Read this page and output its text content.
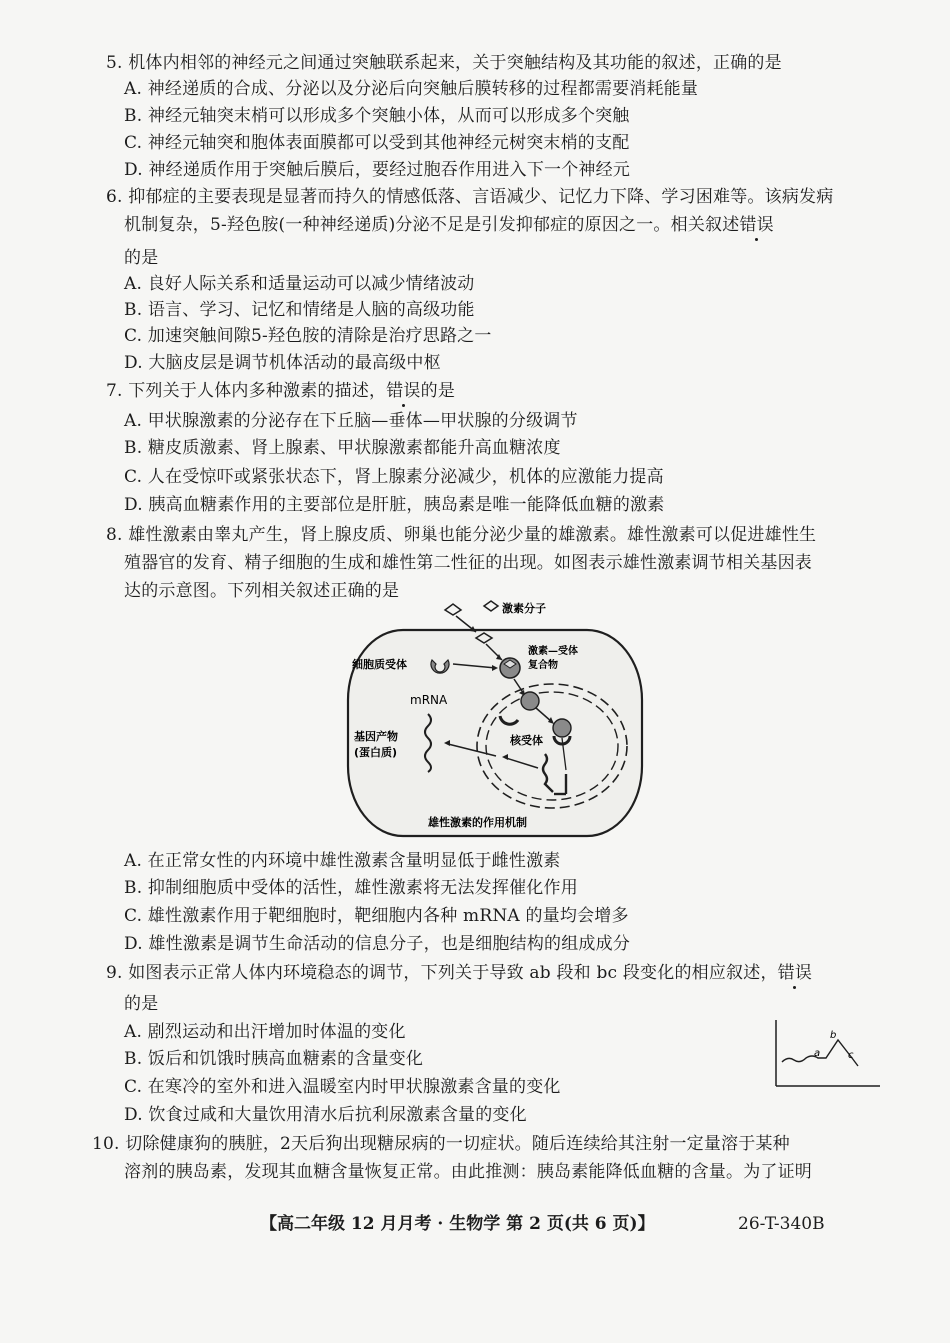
5. 机体内相邻的神经元之间通过突触联系起来，关于突触结构及其功能的叙述，正确的是
A. 神经递质的合成、分泌以及分泌后向突触后膜转移的过程都需要消耗能量
B. 神经元轴突末梢可以形成多个突触小体，从而可以形成多个突触
C. 神经元轴突和胞体表面膜都可以受到其他神经元树突末梢的支配
D. 神经递质作用于突触后膜后，要经过胞吞作用进入下一个神经元
6. 抑郁症的主要表现是显著而持久的情感低落、言语减少、记忆力下降、学习困难等。该病发病
机制复杂，5-羟色胺(一种神经递质)分泌不足是引发抑郁症的原因之一。相关叙述错误
的是
A. 良好人际关系和适量运动可以减少情绪波动
B. 语言、学习、记忆和情绪是人脑的高级功能
C. 加速突触间隙5-羟色胺的清除是治疗思路之一
D. 大脑皮层是调节机体活动的最高级中枢
7. 下列关于人体内多种激素的描述，错误的是
A. 甲状腺激素的分泌存在下丘脑—垂体—甲状腺的分级调节
B. 糖皮质激素、肾上腺素、甲状腺激素都能升高血糖浓度
C. 人在受惊吓或紧张状态下，肾上腺素分泌减少，机体的应激能力提高
D. 胰高血糖素作用的主要部位是肝脏，胰岛素是唯一能降低血糖的激素
8. 雄性激素由睾丸产生，肾上腺皮质、卵巢也能分泌少量的雄激素。雄性激素可以促进雄性生
殖器官的发育、精子细胞的生成和雄性第二性征的出现。如图表示雄性激素调节相关基因表
达的示意图。下列相关叙述正确的是
激素分子
激素—受体
复合物
细胞质受体
核受体
mRNA
基因产物
(蛋白质)
雄性激素的作用机制
A. 在正常女性的内环境中雄性激素含量明显低于雌性激素
B. 抑制细胞质中受体的活性，雄性激素将无法发挥催化作用
C. 雄性激素作用于靶细胞时，靶细胞内各种 mRNA 的量均会增多
D. 雄性激素是调节生命活动的信息分子，也是细胞结构的组成成分
9. 如图表示正常人体内环境稳态的调节，下列关于导致 ab 段和 bc 段变化的相应叙述，错误
的是
A. 剧烈运动和出汗增加时体温的变化
B. 饭后和饥饿时胰高血糖素的含量变化
C. 在寒冷的室外和进入温暖室内时甲状腺激素含量的变化
D. 饮食过咸和大量饮用清水后抗利尿激素含量的变化
a
b
c
10. 切除健康狗的胰脏，2天后狗出现糖尿病的一切症状。随后连续给其注射一定量溶于某种
溶剂的胰岛素，发现其血糖含量恢复正常。由此推测：胰岛素能降低血糖的含量。为了证明
【高二年级 12 月月考 · 生物学 第 2 页(共 6 页)】	26-T-340B
